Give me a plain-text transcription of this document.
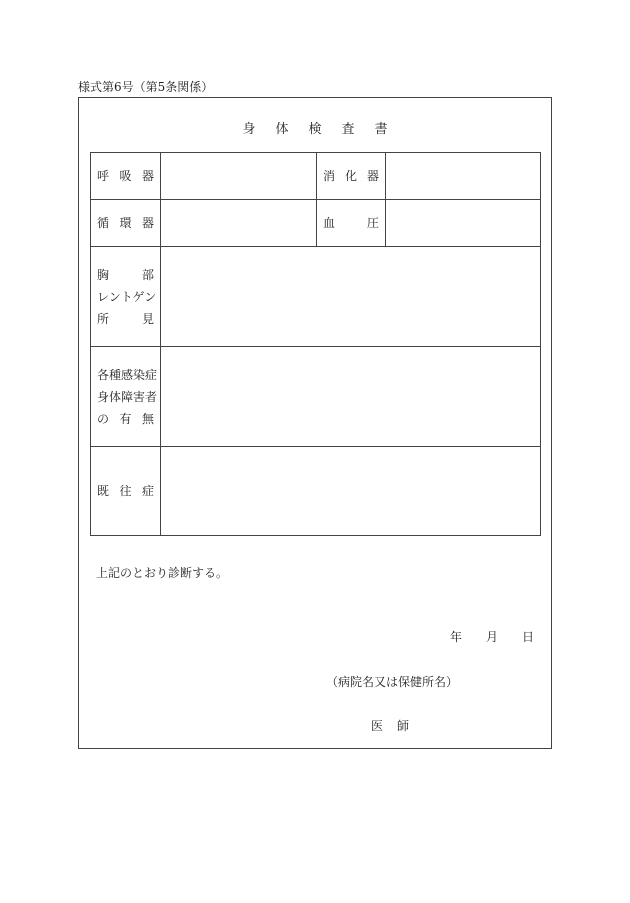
様式第6号（第5条関係）
身体検査書
呼吸器		消化器	

循環器		血圧	

胸部
レントゲン
所見			

各種感染症
身体障害者
の有無			

既往症			

上記のとおり診断する。
年 月 日
（病院名又は保健所名）
医師
